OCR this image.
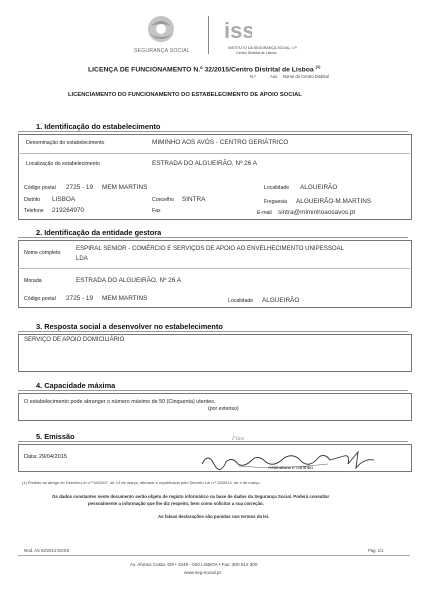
SEGURANÇA SOCIAL
iss
INSTITUTO DA SEGURANÇA SOCIAL, I.P.
Centro Distrital de Lisboa
LICENÇA DE FUNCIONAMENTO N.º 32/2015/Centro Distrital de Lisboa $^{(1)}$
N.º	Ano Nome do Centro Distrital
LICENCIAMENTO DO FUNCIONAMENTO DO ESTABELECIMENTO DE APOIO SOCIAL
1. Identificação do estabelecimento
Denominação do estabelecimento	MIMINHO AOS AVÓS - CENTRO GERIÁTRICO
Localização do estabelecimento	ESTRADA DO ALGUEIRÃO, Nº 26 A
Código postal 2725 - 19 MEM MARTINS	Localidade ALGUEIRÃO
Distrito LISBOA	Concelho SINTRA	Freguesia ALGUEIRÃO-M.MARTINS
Telefone 219264970	Fax	E-mail sintra@miminhoaosavos.pt
2. Identificação da entidade gestora
Nome completo
ESPIRAL SENIOR - COMÉRCIO E SERVIÇOS DE APOIO AO ENVELHECIMENTO UNIPESSOAL
LDA
Morada	ESTRADA DO ALGUEIRÃO, Nº 26 A
Código postal 2725 - 19 MEM MARTINS	Localidade ALGUEIRÃO
3. Resposta social a desenvolver no estabelecimento
SERVIÇO DE APOIO DOMICILIÁRIO
4. Capacidade máxima
O estabelecimento pode abranger o número máximo de 50 (Cinquenta) utentes.
(por extenso)
5. Emissão
Data: 29/04/2015
Fitas
Assinatura e carimbo
(1) Emitido ao abrigo do Decreto-Lei n.º 64/2007, de 14 de março, alterado e republicado pelo Decreto-Lei n.º 33/2014, de 4 de março.
Os dados constantes neste documento serão objeto de registo informático na base de dados da Segurança Social. Poderá consultar
pessoalmente a informação que lhe diz respeito, bem como solicitar a sua correção.
As falsas declarações são punidas nos termos da lei.
Mod. AS 62/2014-DGSS	Pág. 1/1
Av. Afonso Costa, 6/8 • 1049 - 020 LISBOA • Fax: 300 512 300
www.seg-social.pt
